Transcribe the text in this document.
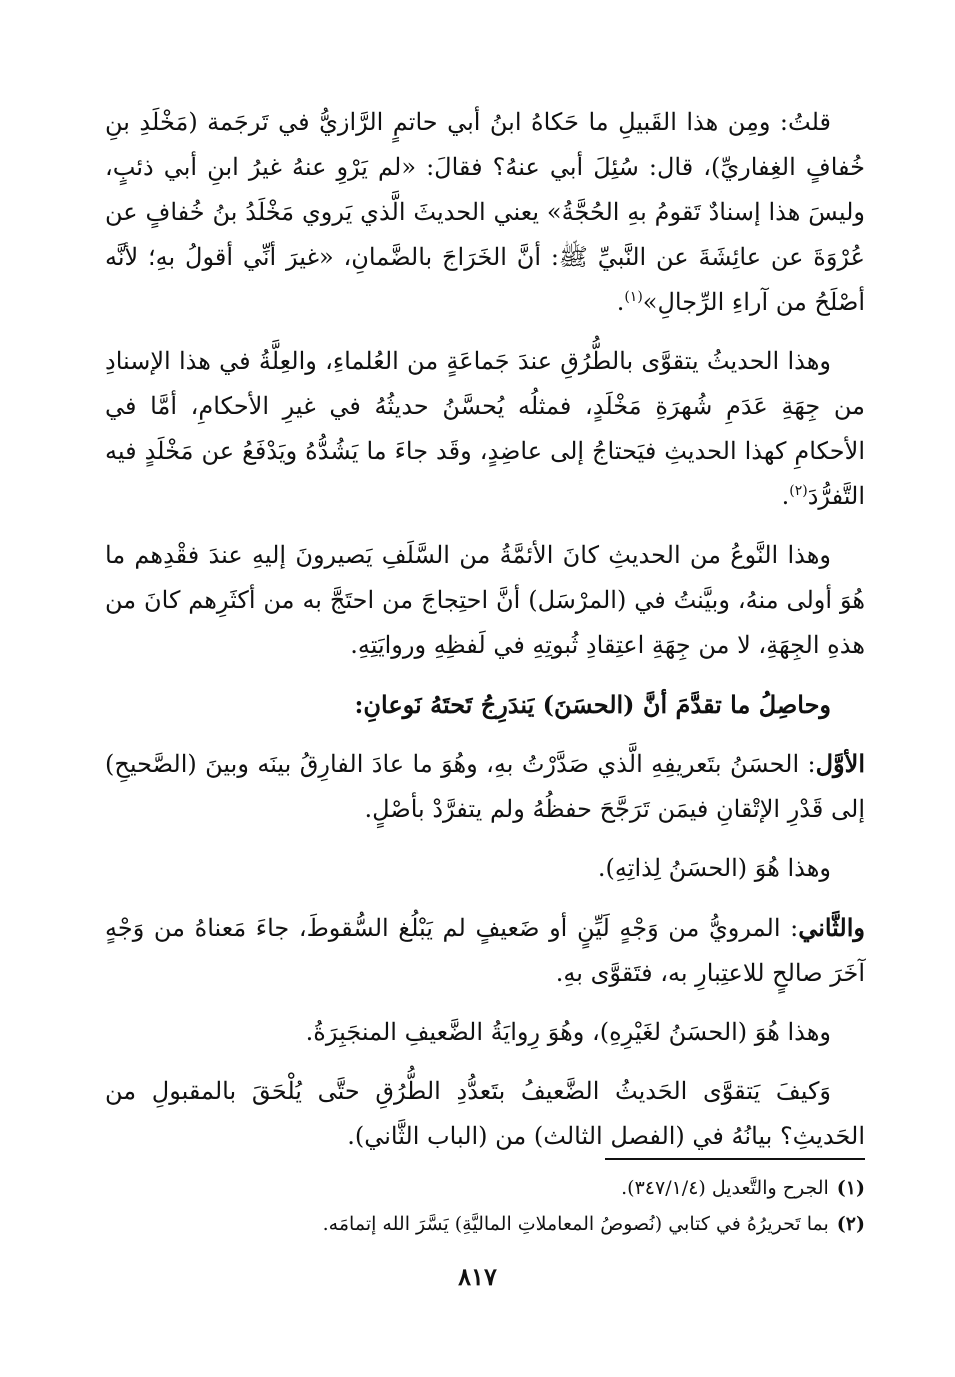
قلتُ: ومِن هذا القَبيلِ ما حَكاهُ ابنُ أبي حاتمٍ الرَّازيُّ في تَرجَمة (مَخْلَدِ بنِ خُفافٍ الغِفاريِّ)، قال: سُئِلَ أبي عنهُ؟ فقالَ: «لم يَرْوِ عنهُ غيرُ ابنِ أبي ذئبٍ، وليسَ هذا إسنادٌ تَقومُ بهِ الحُجَّةُ» يعني الحديثَ الَّذي يَروي مَخْلَدُ بنُ خُفافٍ عن عُرْوَةَ عن عائِشَةَ عن النَّبيِّ ﷺ: أنَّ الخَرَاجَ بالضَّمانِ، «غيرَ أنِّي أقولُ بهِ؛ لأنَّه أصْلَحُ من آراءِ الرِّجالِ»$^{(١)}$.

وهذا الحديثُ يتقوَّى بالطُّرُقِ عندَ جَماعَةٍ من العُلماءِ، والعِلَّةُ في هذا الإسنادِ من جِهَةِ عَدَمِ شُهرَةِ مَخْلَدٍ، فمثلُه يُحسَّنُ حديثُهُ في غيرِ الأحكامِ، أمَّا في الأحكامِ كهذا الحديثِ فيَحتاجُ إلى عاضِدٍ، وقَد جاءَ ما يَشُدُّهُ ويَدْفَعُ عن مَخْلَدٍ فيه التَّفرُّدَ$^{(٢)}$.

وهذا النَّوعُ من الحديثِ كانَ الأئمَّةُ من السَّلَفِ يَصيرونَ إليهِ عندَ فقْدِهم ما هُوَ أولى منهُ، وبيَّنتُ في (المرْسَل) أنَّ احتِجاجَ من احتَجَّ به من أكثَرِهم كانَ من هذهِ الجِهَةِ، لا من جِهَةِ اعتِقادِ ثُبوتِهِ في لَفظِهِ وروايَتِهِ.

وحاصِلُ ما تقدَّمَ أنَّ (الحسَنَ) يَندَرِجُ تَحتَهُ نَوعانِ:

الأوَّل: الحسَنُ بتَعريفِهِ الَّذي صَدَّرْتُ بهِ، وهُوَ ما عادَ الفارِقُ بينَه وبينَ (الصَّحيحِ) إلى قَدْرِ الإتْقانِ فيمَن تَرَجَّحَ حفظُهُ ولم يتفرَّدْ بأصْلٍ.

وهذا هُوَ (الحسَنُ لِذاتِهِ).

والثَّاني: المرويُّ من وَجْهٍ لَيِّنٍ أو ضَعيفٍ لم يَبْلُغ السُّقوطَ، جاءَ مَعناهُ من وَجْهٍ آخَرَ صالحٍ للاعتِبارِ به، فتَقوَّى بهِ.

وهذا هُوَ (الحسَنُ لغَيْرِهِ)، وهُوَ رِوايَةُ الضَّعيفِ المنجَبِرَةُ.

وَكيفَ يَتقوَّى الحَديثُ الضَّعيفُ بتَعدُّدِ الطُّرُقِ حتَّى يُلْحَقَ بالمقبولِ من الحَديثِ؟ بيانُهُ في (الفصل الثالث) من (الباب الثَّاني).

(١)الجرح والتَّعديل (٣٤٧/١/٤).
(٢)بما تَحريرُهُ في كتابي (نُصوصُ المعاملاتِ الماليَّةِ) يَسَّرَ الله إتمامَه.
٨١٧
